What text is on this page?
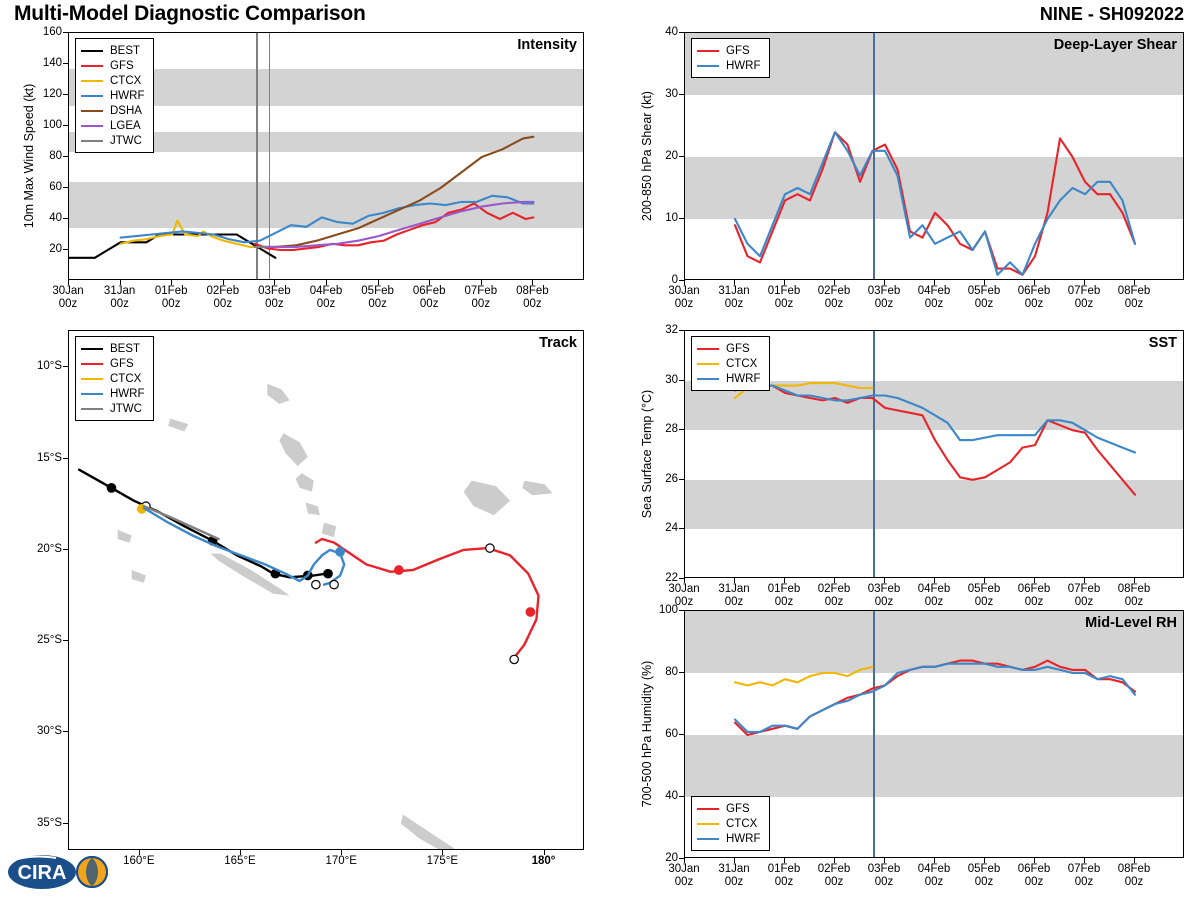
Multi-Model Diagnostic Comparison	NINE - SH092022
Intensity
20
40
60
80
100
120
140
160
30Jan
00z
31Jan
00z
01Feb
00z
02Feb
00z
03Feb
00z
04Feb
00z
05Feb
00z
06Feb
00z
07Feb
00z
08Feb
00z
10m Max Wind Speed (kt)
BEST
GFS
CTCX
HWRF
DSHA
LGEA
JTWC
Track
10°S
15°S
20°S
25°S
30°S
35°S
160°E	165°E	170°E	175°E	180°
BEST
GFS
CTCX
HWRF
JTWC
Deep-Layer Shear
0
10
20
30
40
30Jan
00z
31Jan
00z
01Feb
00z
02Feb
00z
03Feb
00z
04Feb
00z
05Feb
00z
06Feb
00z
07Feb
00z
08Feb
00z
200-850 hPa Shear (kt)
GFS
HWRF
SST
22
24
26
28
30
32
30Jan
00z
31Jan
00z
01Feb
00z
02Feb
00z
03Feb
00z
04Feb
00z
05Feb
00z
06Feb
00z
07Feb
00z
08Feb
00z
Sea Surface Temp (°C)
GFS
CTCX
HWRF
Mid-Level RH
20
40
60
80
100
30Jan
00z
31Jan
00z
01Feb
00z
02Feb
00z
03Feb
00z
04Feb
00z
05Feb
00z
06Feb
00z
07Feb
00z
08Feb
00z
700-500 hPa Humidity (%)
GFS
CTCX
HWRF
CIRA
